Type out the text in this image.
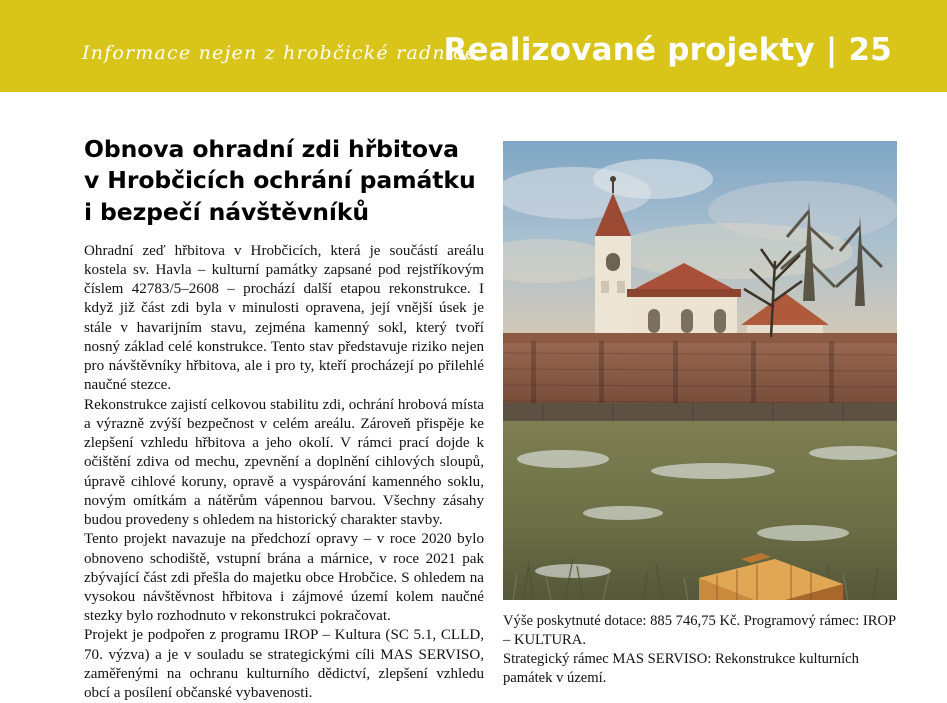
Informace nejen z hrobčické radnice
Realizované projekty | 25
Obnova ohradní zdi hřbitova
v Hrobčicích ochrání památku
i bezpečí návštěvníků

Ohradní zeď hřbitova v Hrobčicích, která je součástí areálu kostela sv. Havla – kulturní památky zapsané pod rejstříkovým číslem 42783/5–2608 – prochází další etapou rekonstrukce. I když již část zdi byla v minulosti opravena, její vnější úsek je stále v havarijním stavu, zejména kamenný sokl, který tvoří nosný základ celé konstrukce. Tento stav představuje riziko nejen pro návštěvníky hřbitova, ale i pro ty, kteří procházejí po přilehlé naučné stezce.

Rekonstrukce zajistí celkovou stabilitu zdi, ochrání hrobová místa a výrazně zvýší bezpečnost v celém areálu. Zároveň přispěje ke zlepšení vzhledu hřbitova a jeho okolí. V rámci prací dojde k očištění zdiva od mechu, zpevnění a doplnění cihlových sloupů, úpravě cihlové koruny, opravě a vyspárování kamenného soklu, novým omítkám a nátěrům vápennou barvou. Všechny zásahy budou provedeny s ohledem na historický charakter stavby.

Tento projekt navazuje na předchozí opravy – v roce 2020 bylo obnoveno schodiště, vstupní brána a márnice, v roce 2021 pak zbývající část zdi přešla do majetku obce Hrobčice. S ohledem na vysokou návštěvnost hřbitova i zájmové území kolem naučné stezky bylo rozhodnuto v rekonstrukci pokračovat.

Projekt je podpořen z programu IROP – Kultura (SC 5.1, CLLD, 70. výzva) a je v souladu se strategickými cíli MAS SERVISO, zaměřenými na ochranu kulturního dědictví, zlepšení vzhledu obcí a posílení občanské vybavenosti.

Výše poskytnuté dotace: 885 746,75 Kč. Programový rámec: IROP – KULTURA.

Strategický rámec MAS SERVISO: Rekonstrukce kulturních památek v území.
